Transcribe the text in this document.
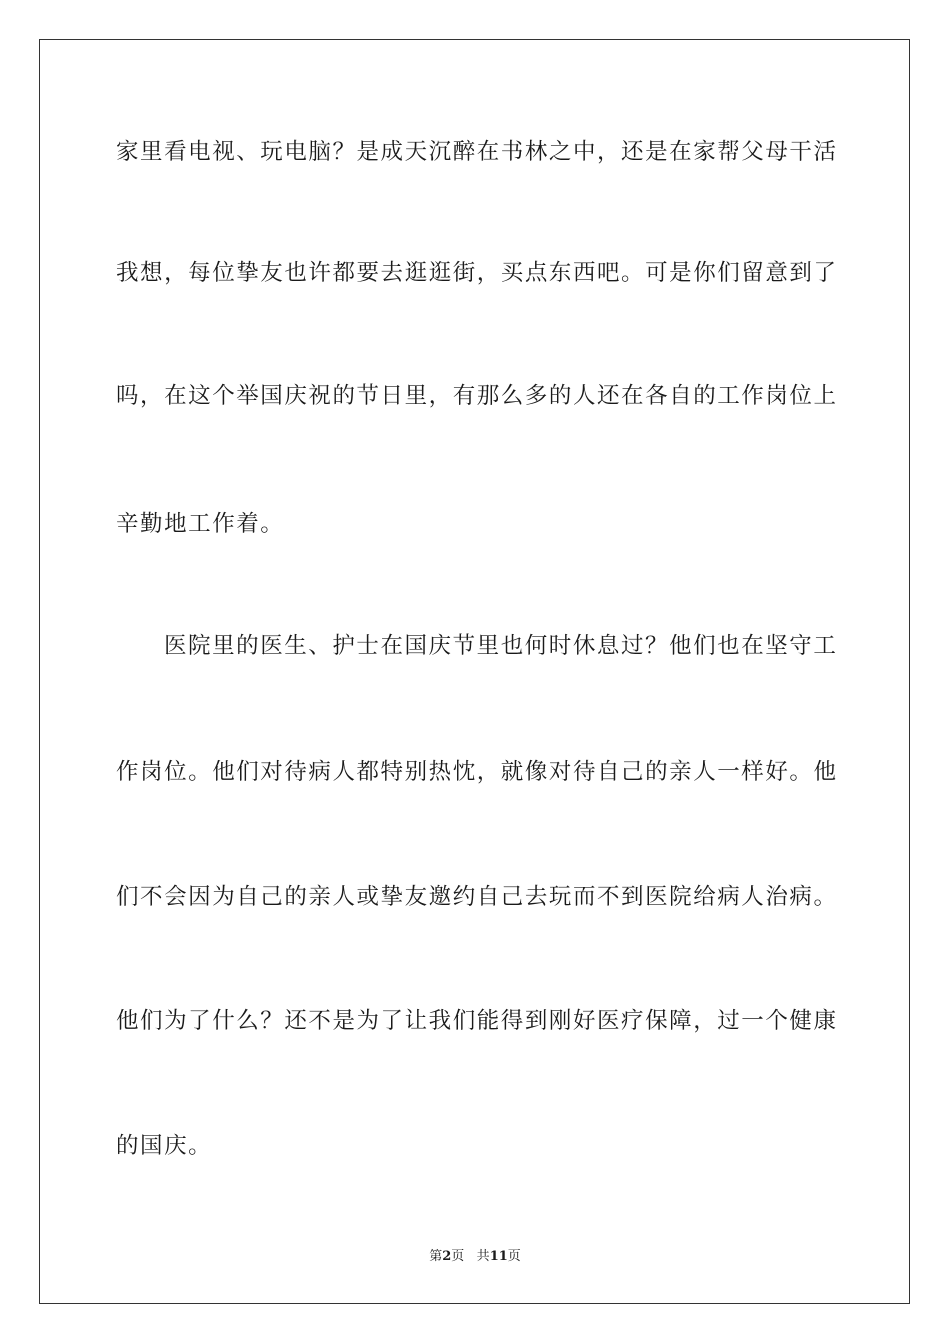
家里看电视、玩电脑？是成天沉醉在书林之中，还是在家帮父母干活
我想，每位挚友也许都要去逛逛街，买点东西吧。可是你们留意到了
吗，在这个举国庆祝的节日里，有那么多的人还在各自的工作岗位上
辛勤地工作着。
医院里的医生、护士在国庆节里也何时休息过？他们也在坚守工
作岗位。他们对待病人都特别热忱，就像对待自己的亲人一样好。他
们不会因为自己的亲人或挚友邀约自己去玩而不到医院给病人治病。
他们为了什么？还不是为了让我们能得到刚好医疗保障，过一个健康
的国庆。
第2页 共11页
